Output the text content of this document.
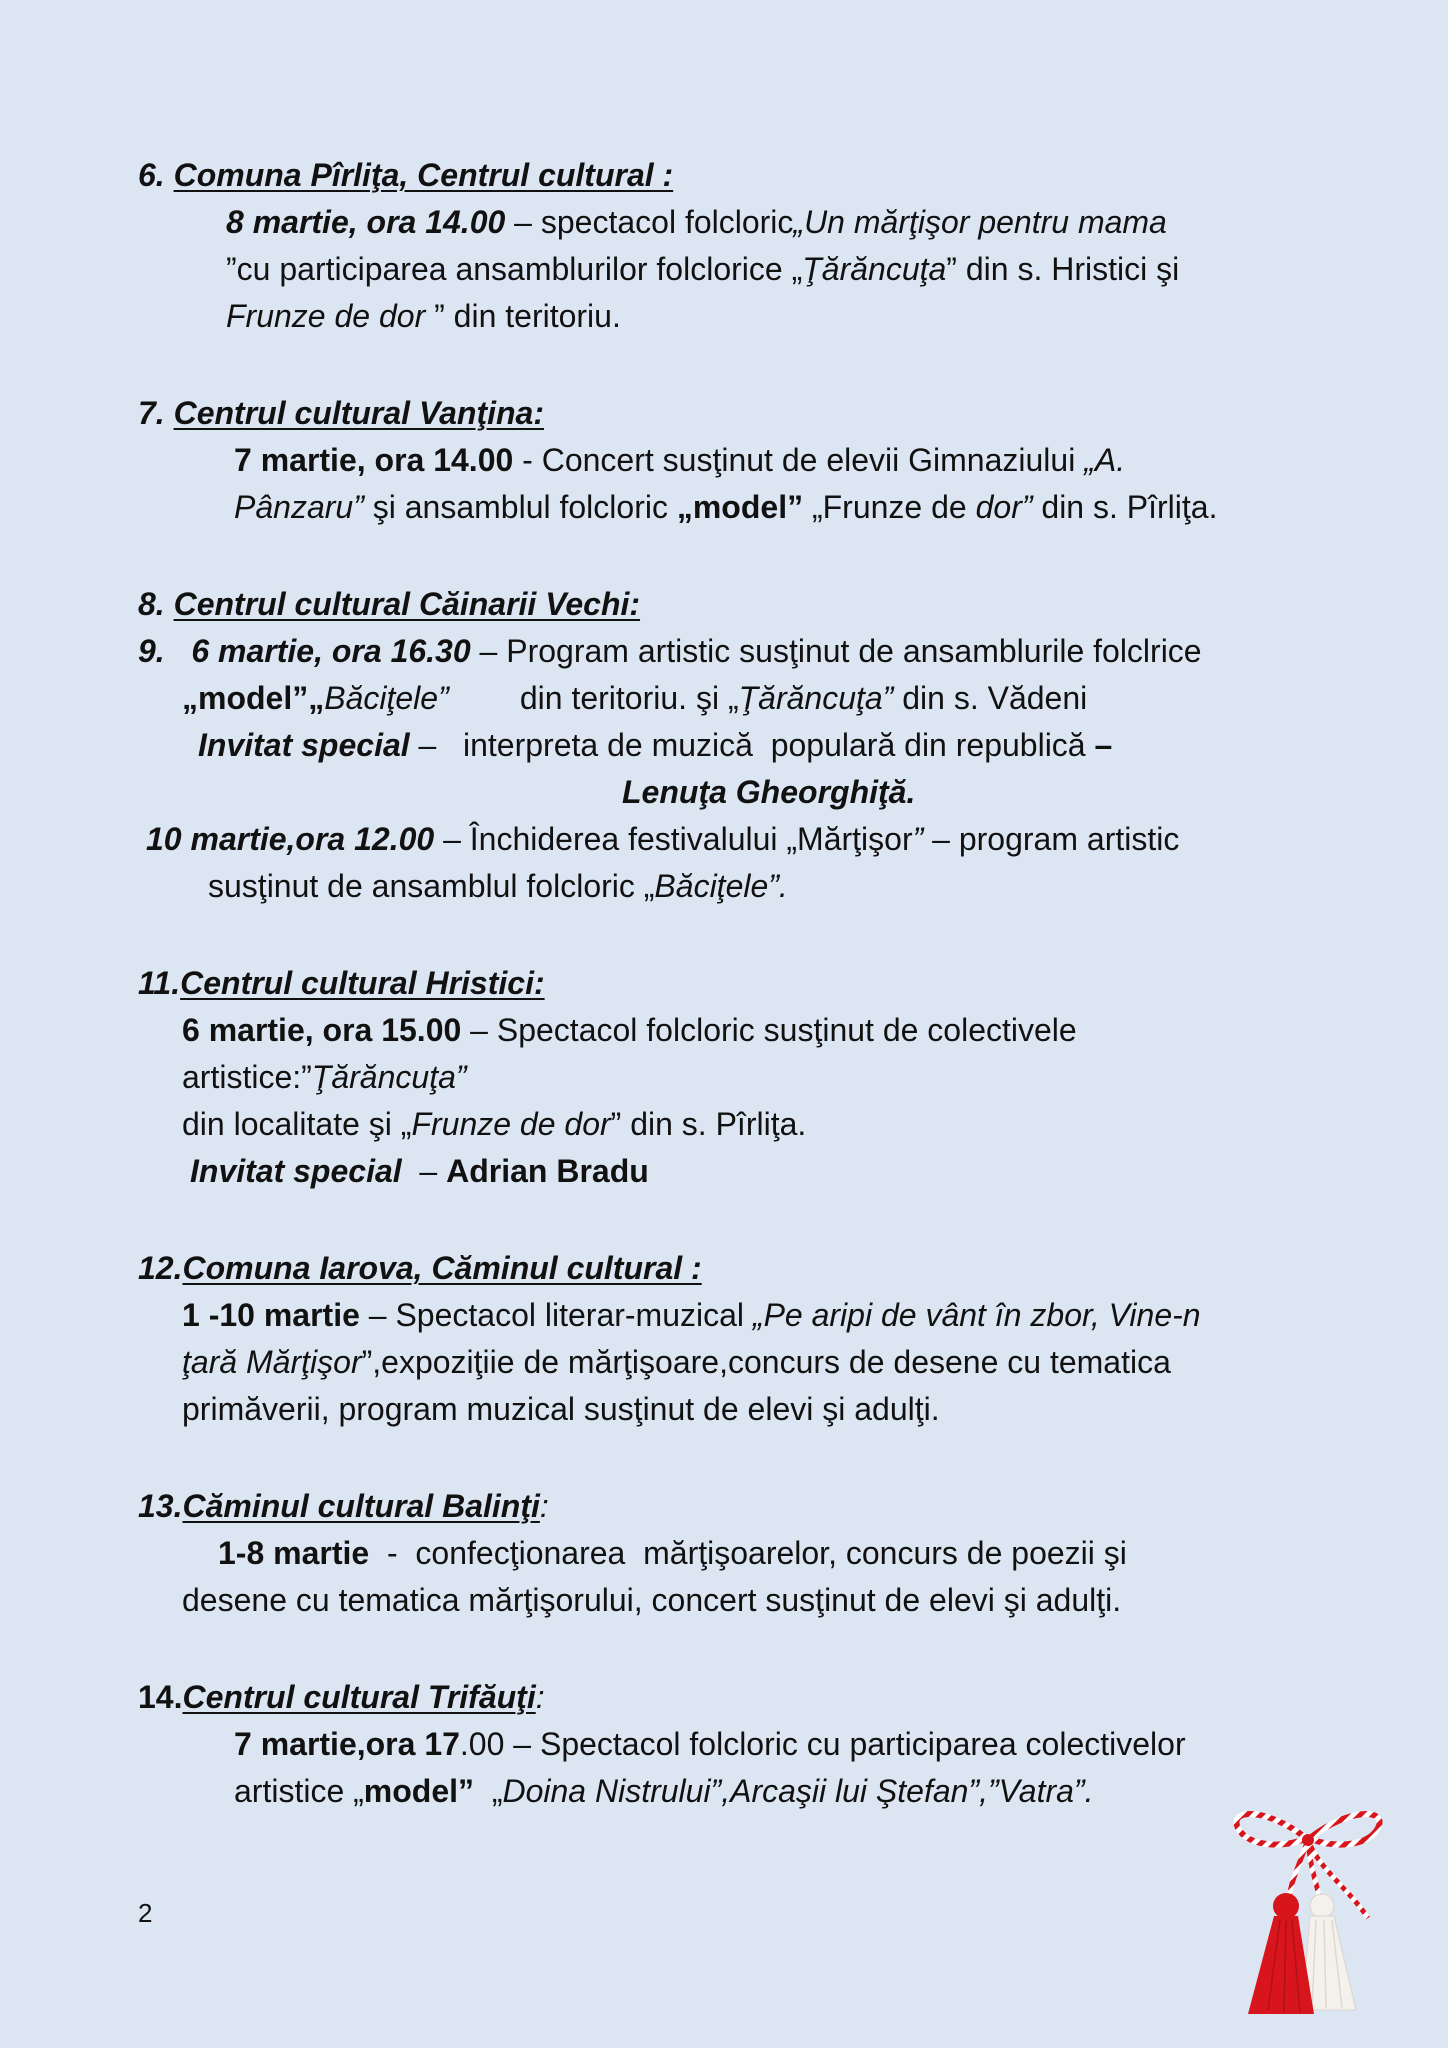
6. Comuna Pîrliţa, Centrul cultural :
8 martie, ora 14.00 – spectacol folcloric„Un mărţişor pentru mama
”cu participarea ansamblurilor folclorice „Ţărăncuţa” din s. Hristici şi
Frunze de dor ” din teritoriu.
7. Centrul cultural Vanţina:
7 martie, ora 14.00 - Concert susţinut de elevii Gimnaziului „A.
Pânzaru” şi ansamblul folcloric „model” „Frunze de dor” din s. Pîrliţa.
8. Centrul cultural Căinarii Vechi:
9. 6 martie, ora 16.30 – Program artistic susţinut de ansamblurile folclrice
„model”„Băciţele”        din teritoriu. şi „Ţărăncuţa” din s. Vădeni
Invitat special –   interpreta de muzică  populară din republică –
Lenuţa Gheorghiţă.
10 martie,ora 12.00 – Închiderea festivalului „Mărţişor” – program artistic
susţinut de ansamblul folcloric „Băciţele”.
11.Centrul cultural Hristici:
6 martie, ora 15.00 – Spectacol folcloric susţinut de colectivele
artistice:”Ţărăncuţa”
din localitate şi „Frunze de dor” din s. Pîrliţa.
Invitat special  – Adrian Bradu
12.Comuna Iarova, Căminul cultural :
1 -10 martie – Spectacol literar-muzical „Pe aripi de vânt în zbor, Vine-n
ţară Mărţişor”,expoziţiie de mărţişoare,concurs de desene cu tematica
primăverii, program muzical susţinut de elevi şi adulţi.
13.Căminul cultural Balinţi:
1-8 martie  -  confecţionarea  mărţişoarelor, concurs de poezii şi
desene cu tematica mărţişorului, concert susţinut de elevi şi adulţi.
14.Centrul cultural Trifăuţi:
7 martie,ora 17.00 – Spectacol folcloric cu participarea colectivelor
artistice „model”  „Doina Nistrului”,Arcaşii lui Ştefan”,”Vatra”.
2
